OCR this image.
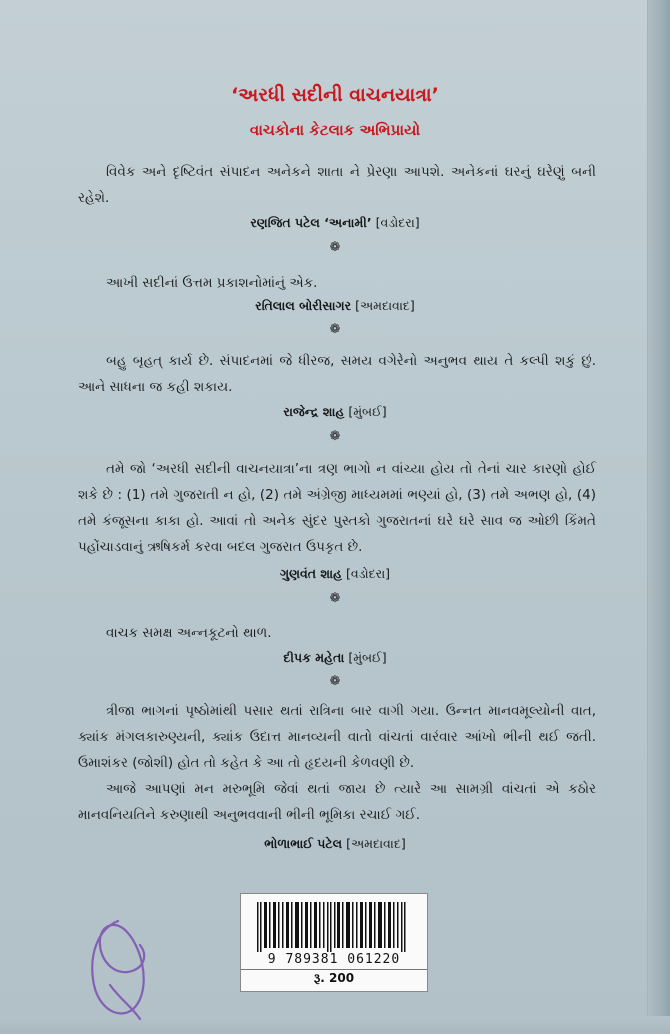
‘અરધી સદીની વાચનયાત્રા’
વાચકોના કેટલાક અભિપ્રાયો

વિવેક અને દૃષ્ટિવંત સંપાદન અનેકને શાતા ને પ્રેરણા આપશે. અનેકનાં ઘરનું ઘરેણું બની રહેશે.

રણજિત પટેલ ‘અનામી’ [વડોદરા]
❁

આખી સદીનાં ઉત્તમ પ્રકાશનોમાંનું એક.

રતિલાલ બોરીસાગર [અમદાવાદ]
❁

બહુ બૃહત્ કાર્ય છે. સંપાદનમાં જે ધીરજ, સમય વગેરેનો અનુભવ થાય તે કલ્પી શકું છું. આને સાધના જ કહી શકાય.

રાજેન્દ્ર શાહ [મુંબઈ]
❁

તમે જો ‘અરધી સદીની વાચનયાત્રા’ના ત્રણ ભાગો ન વાંચ્યા હોય તો તેનાં ચાર કારણો હોઈ શકે છે : (1) તમે ગુજરાતી ન હો, (2) તમે અંગ્રેજી માધ્યમમાં ભણ્યાં હો, (3) તમે અભણ હો, (4) તમે કંજૂસના કાકા હો. આવાં તો અનેક સુંદર પુસ્તકો ગુજરાતનાં ઘરે ઘરે સાવ જ ઓછી કિંમતે પહોંચાડવાનું ઋષિકર્મ કરવા બદલ ગુજરાત ઉપકૃત છે.

ગુણવંત શાહ [વડોદરા]
❁

વાચક સમક્ષ અન્નકૂટનો થાળ.

દીપક મહેતા [મુંબઈ]
❁

ત્રીજા ભાગનાં પૃષ્ઠોમાંથી પસાર થતાં રાત્રિના બાર વાગી ગયા. ઉન્નત માનવમૂલ્યોની વાત, ક્યાંક મંગલકારુણ્યની, ક્યાંક ઉદાત્ત માનવ્યની વાતો વાંચતાં વારંવાર આંખો ભીની થઈ જતી. ઉમાશંકર (જોશી) હોત તો કહેત કે આ તો હૃદયની કેળવણી છે.

આજે આપણાં મન મરુભૂમિ જેવાં થતાં જાય છે ત્યારે આ સામગ્રી વાંચતાં એ કઠોર માનવનિયતિને કરુણાથી અનુભવવાની ભીની ભૂમિકા રચાઈ ગઈ.

ભોળાભાઈ પટેલ [અમદાવાદ]
9 789381 061220
રૂ. 200
